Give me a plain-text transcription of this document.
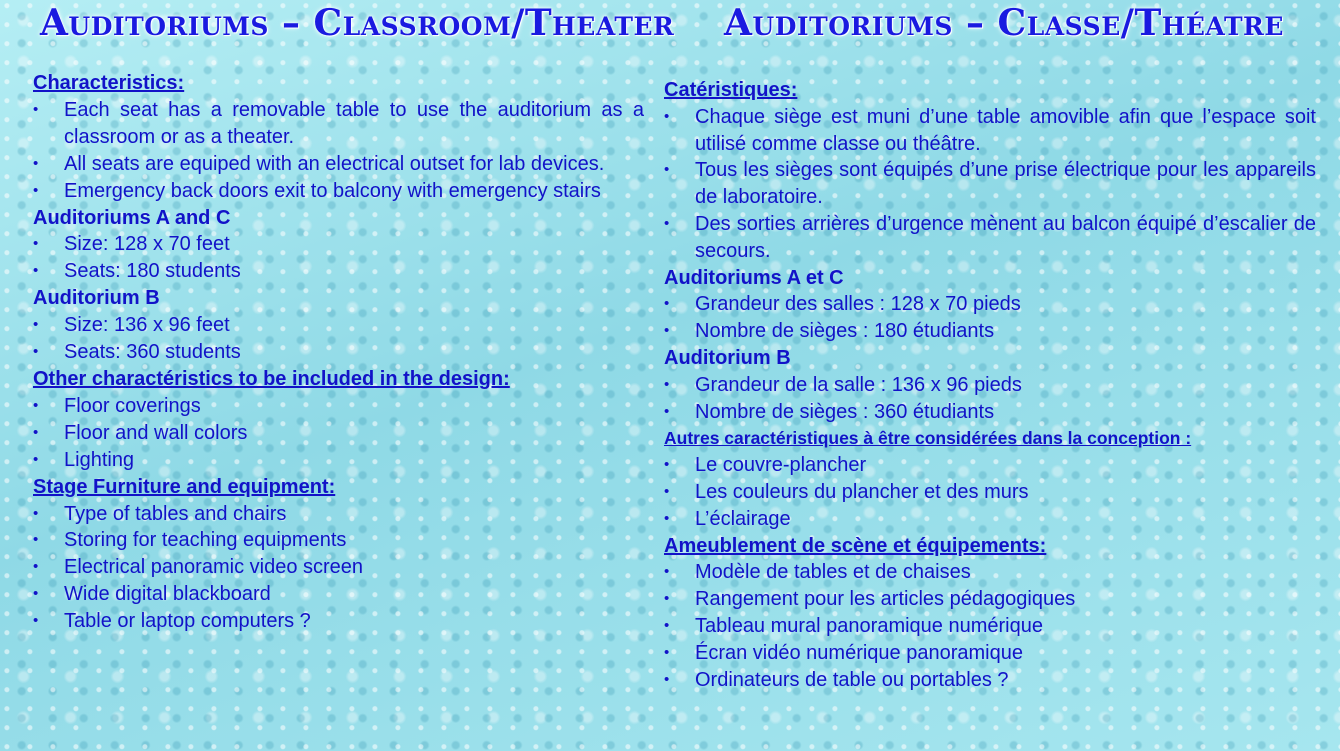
Auditoriums – Classroom/Theater Auditoriums – Classe/Théatre

Characteristics:

• Each seat has a removable table to use the auditorium as a classroom or as a theater.
• All seats are equiped with an electrical outset for lab devices.
• Emergency back doors exit to balcony with emergency stairs

Auditoriums A and C

• Size: 128 x 70 feet
• Seats: 180 students

Auditorium B

• Size: 136 x 96 feet
• Seats: 360 students

Other charactéristics to be included in the design:

• Floor coverings
• Floor and wall colors
• Lighting

Stage Furniture and equipment:

• Type of tables and chairs
• Storing for teaching equipments
• Electrical panoramic video screen
• Wide digital blackboard
• Table or laptop computers ?

Catéristiques:

• Chaque siège est muni d’une table amovible afin que l’espace soit utilisé comme classe ou théâtre.
• Tous les sièges sont équipés d’une prise électrique pour les appareils de laboratoire.
• Des sorties arrières d’urgence mènent au balcon équipé d’escalier de secours.

Auditoriums A et C

• Grandeur des salles : 128 x 70 pieds
• Nombre de sièges : 180 étudiants

Auditorium B

• Grandeur de la salle : 136 x 96 pieds
• Nombre de sièges : 360 étudiants

Autres caractéristiques à être considérées dans la conception :

• Le couvre-plancher
• Les couleurs du plancher et des murs
• L’éclairage

Ameublement de scène et équipements:

• Modèle de tables et de chaises
• Rangement pour les articles pédagogiques
• Tableau mural panoramique numérique
• Écran vidéo numérique panoramique
• Ordinateurs de table ou portables ?
